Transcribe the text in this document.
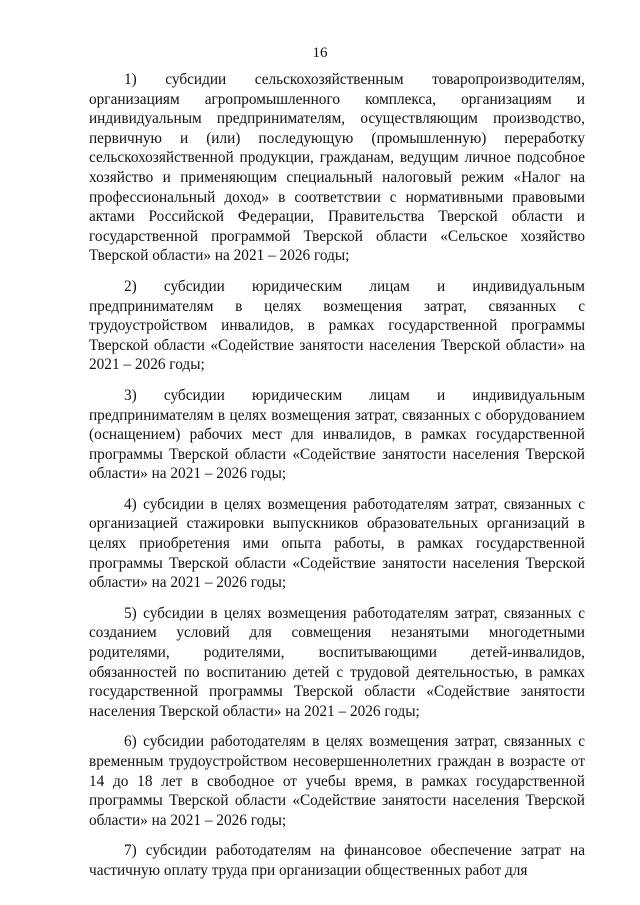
16

1) субсидии сельскохозяйственным товаропроизводителям, организациям агропромышленного комплекса, организациям и индивидуальным предпринимателям, осуществляющим производство, первичную и (или) последующую (промышленную) переработку сельскохозяйственной продукции, гражданам, ведущим личное подсобное хозяйство и применяющим специальный налоговый режим «Налог на профессиональный доход» в соответствии с нормативными правовыми актами Российской Федерации, Правительства Тверской области и государственной программой Тверской области «Сельское хозяйство Тверской области» на 2021 – 2026 годы;

2) субсидии юридическим лицам и индивидуальным предпринимателям в целях возмещения затрат, связанных с трудоустройством инвалидов, в рамках государственной программы Тверской области «Содействие занятости населения Тверской области» на 2021 – 2026 годы;

3) субсидии юридическим лицам и индивидуальным предпринимателям в целях возмещения затрат, связанных с оборудованием (оснащением) рабочих мест для инвалидов, в рамках государственной программы Тверской области «Содействие занятости населения Тверской области» на 2021 – 2026 годы;

4) субсидии в целях возмещения работодателям затрат, связанных с организацией стажировки выпускников образовательных организаций в целях приобретения ими опыта работы, в рамках государственной программы Тверской области «Содействие занятости населения Тверской области» на 2021 – 2026 годы;

5) субсидии в целях возмещения работодателям затрат, связанных с созданием условий для совмещения незанятыми многодетными родителями, родителями, воспитывающими детей-инвалидов, обязанностей по воспитанию детей с трудовой деятельностью, в рамках государственной программы Тверской области «Содействие занятости населения Тверской области» на 2021 – 2026 годы;

6) субсидии работодателям в целях возмещения затрат, связанных с временным трудоустройством несовершеннолетних граждан в возрасте от 14 до 18 лет в свободное от учебы время, в рамках государственной программы Тверской области «Содействие занятости населения Тверской области» на 2021 – 2026 годы;

7) субсидии работодателям на финансовое обеспечение затрат на частичную оплату труда при организации общественных работ для
